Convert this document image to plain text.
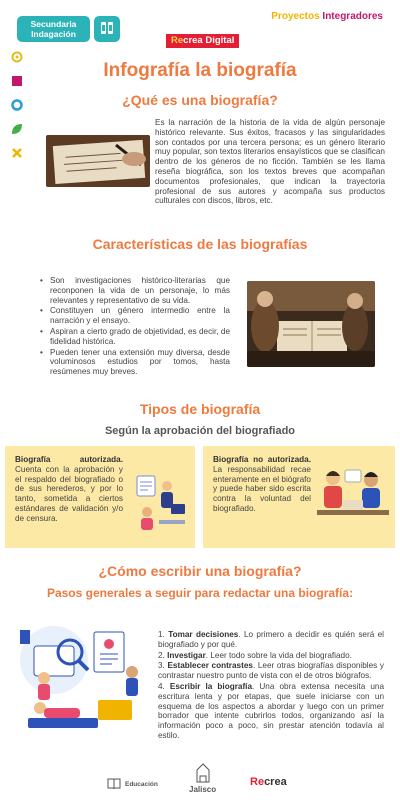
Secundaria Indagación
Proyectos Integradores
Recrea Digital
Infografía la biografía
¿Qué es una biografía?
Es la narración de la historia de la vida de algún personaje histórico relevante. Sus éxitos, fracasos y las singularidades son contados por una tercera persona; es un género literario muy popular, son textos literarios ensayísticos que se clasifican dentro de los géneros de no ficción. También se les llama reseña biográfica, son los textos breves que acompañan documentos profesionales, que indican la trayectoria profesional de sus autores y acompaña sus productos culturales con discos, libros, etc.
Características de las biografías
• Son investigaciones histórico-literarias que reconponen la vida de un personaje, lo más relevantes y representativo de su vida.
• Constituyen un género intermedio entre la narración y el ensayo.
• Aspiran a cierto grado de objetividad, es decir, de fidelidad histórica.
• Pueden tener una extensión muy diversa, desde voluminosos estudios por tomos, hasta resúmenes muy breves.
Tipos de biografía
Según la aprobación del biografiado
Biografía autorizada. Cuenta con la aprobación y el respaldo del biografiado o de sus herederos, y por lo tanto, sometida a ciertos estándares de validación y/o de censura.
Biografía no autorizada. La responsabilidad recae enteramente en el biógrafo y puede haber sido escrita contra la voluntad del biografiado.
¿Cómo escribir una biografía?
Pasos generales a seguir para redactar una biografía:
1. Tomar decisiones. Lo primero a decidir es quién será el biografiado y por qué.
2. Investigar. Leer todo sobre la vida del biografiado.
3. Establecer contrastes. Leer otras biografías disponibles y contrastar nuestro punto de vista con el de otros biógrafos.
4. Escribir la biografía. Una obra extensa necesita una escritura lenta y por etapas, que suele iniciarse con un esquema de los aspectos a abordar y luego con un primer borrador que intente cubrirlos todos, organizando así la información poco a poco, sin prestar atención todavía al estilo.
Educación
Jalisco
Recrea
